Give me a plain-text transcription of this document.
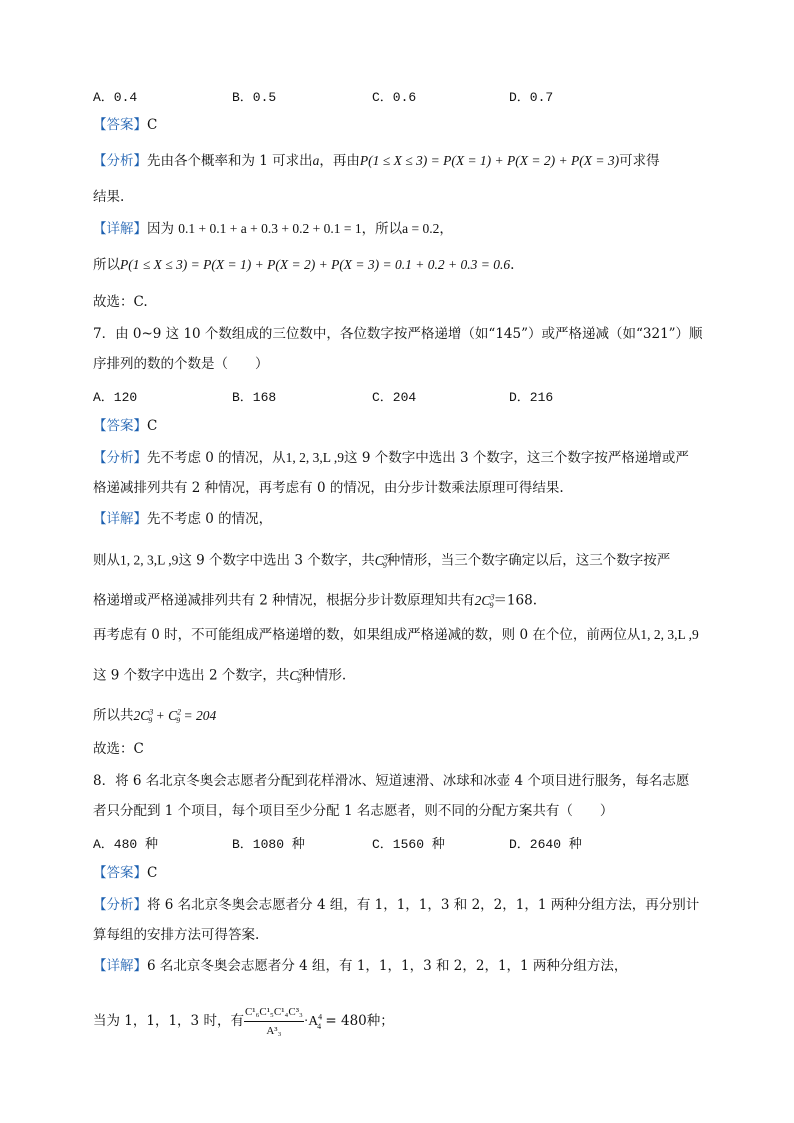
A．0.4	B．0.5	C．0.6	D．0.7
【答案】C
【分析】先由各个概率和为 1 可求出a，再由P(1 ≤ X ≤ 3) = P(X = 1) + P(X = 2) + P(X = 3)可求得
结果.
【详解】因为 0.1 + 0.1 + a + 0.3 + 0.2 + 0.1 = 1，所以a = 0.2，
所以P(1 ≤ X ≤ 3) = P(X = 1) + P(X = 2) + P(X = 3) = 0.1 + 0.2 + 0.3 = 0.6.
故选：C.
7．由 0~9 这 10 个数组成的三位数中，各位数字按严格递增（如“145”）或严格递减（如“321”）顺
序排列的数的个数是（　　）
A．120	B．168	C．204	D．216
【答案】C
【分析】先不考虑 0 的情况，从1, 2, 3,L ,9这 9 个数字中选出 3 个数字，这三个数字按严格递增或严
格递减排列共有 2 种情况，再考虑有 0 的情况，由分步计数乘法原理可得结果.
【详解】先不考虑 0 的情况，
则从1, 2, 3,L ,9这 9 个数字中选出 3 个数字，共$C^3_9$种情形，当三个数字确定以后，这三个数字按严
格递增或严格递减排列共有 2 种情况，根据分步计数原理知共有$2C^3_9=168$.
再考虑有 0 时，不可能组成严格递增的数，如果组成严格递减的数，则 0 在个位，前两位从1, 2, 3,L ,9
这 9 个数字中选出 2 个数字，共$C^2_9$种情形.
所以共$2C^3_9 + C^2_9 = 204$
故选：C
8．将 6 名北京冬奥会志愿者分配到花样滑冰、短道速滑、冰球和冰壶 4 个项目进行服务，每名志愿
者只分配到 1 个项目，每个项目至少分配 1 名志愿者，则不同的分配方案共有（　　）
A．480 种	B．1080 种	C．1560 种	D．2640 种
【答案】C
【分析】将 6 名北京冬奥会志愿者分 4 组，有 1，1，1，3 和 2，2，1，1 两种分组方法，再分别计
算每组的安排方法可得答案.
【详解】6 名北京冬奥会志愿者分 4 组，有 1，1，1，3 和 2，2，1，1 两种分组方法，
当为 1，1，1，3 时，有 $\frac{\text{C¹₆C¹₅C¹₄C³₃}}{\text{A³₃}} \cdot A^4_4 = 480$种；
